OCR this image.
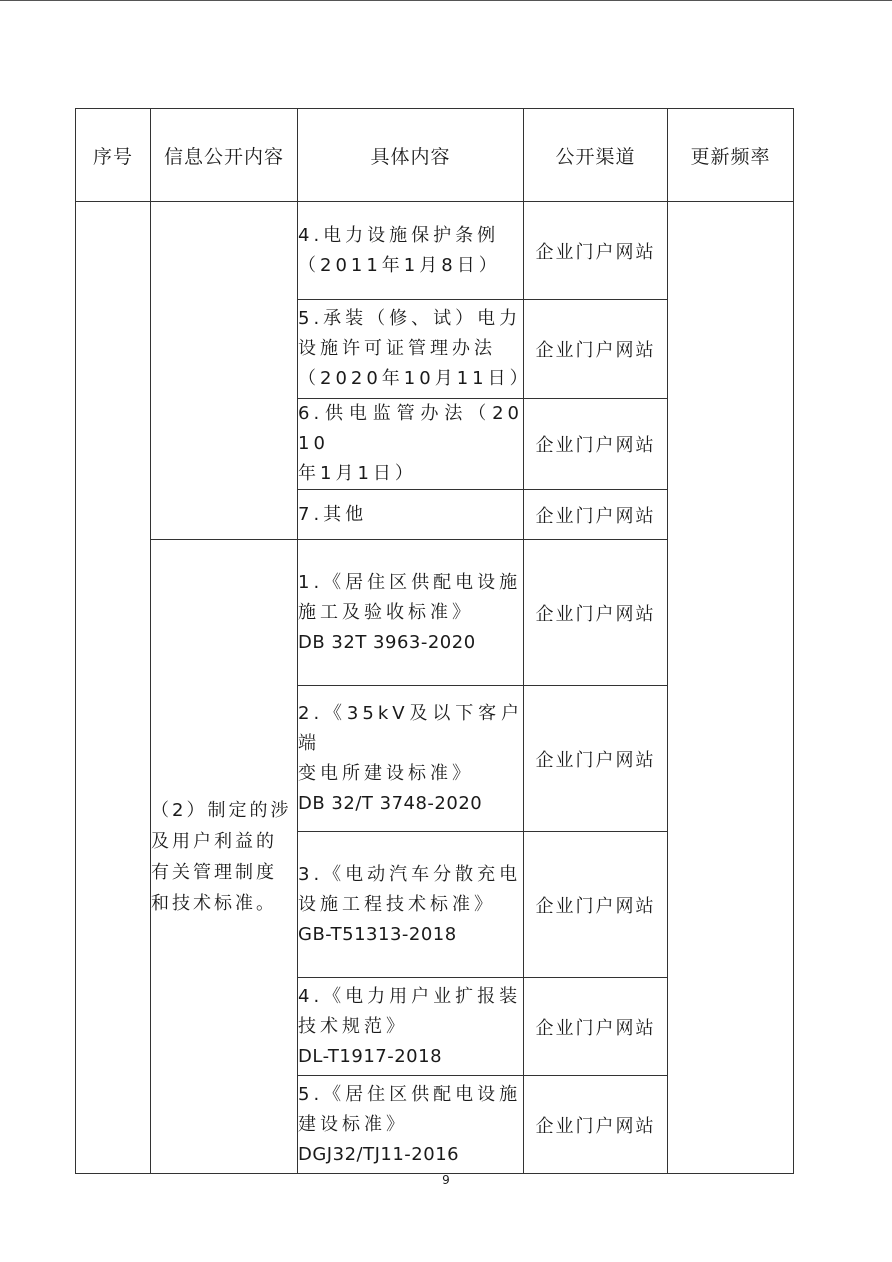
序号	信息公开内容	具体内容	公开渠道	更新频率

		4.电力设施保护条例
（2011年1月8日）	企业门户网站	

		5.承装（修、试）电力
设施许可证管理办法
（2020年10月11日）	企业门户网站	

		6.供电监管办法（2010
年1月1日）	企业门户网站	

		7.其他	企业门户网站	
	（2）制定的涉及用户利益的有关管理制度和技术标准。	1.《居住区供配电设施
施工及验收标准》
DB 32T 3963-2020	企业门户网站	

		2.《35kV及以下客户端
变电所建设标准》
DB 32/T 3748-2020	企业门户网站	

		3.《电动汽车分散充电
设施工程技术标准》
GB-T51313-2018	企业门户网站	

		4.《电力用户业扩报装
技术规范》
DL-T1917-2018	企业门户网站	

		5.《居住区供配电设施
建设标准》
DGJ32/TJ11-2016	企业门户网站	
9
